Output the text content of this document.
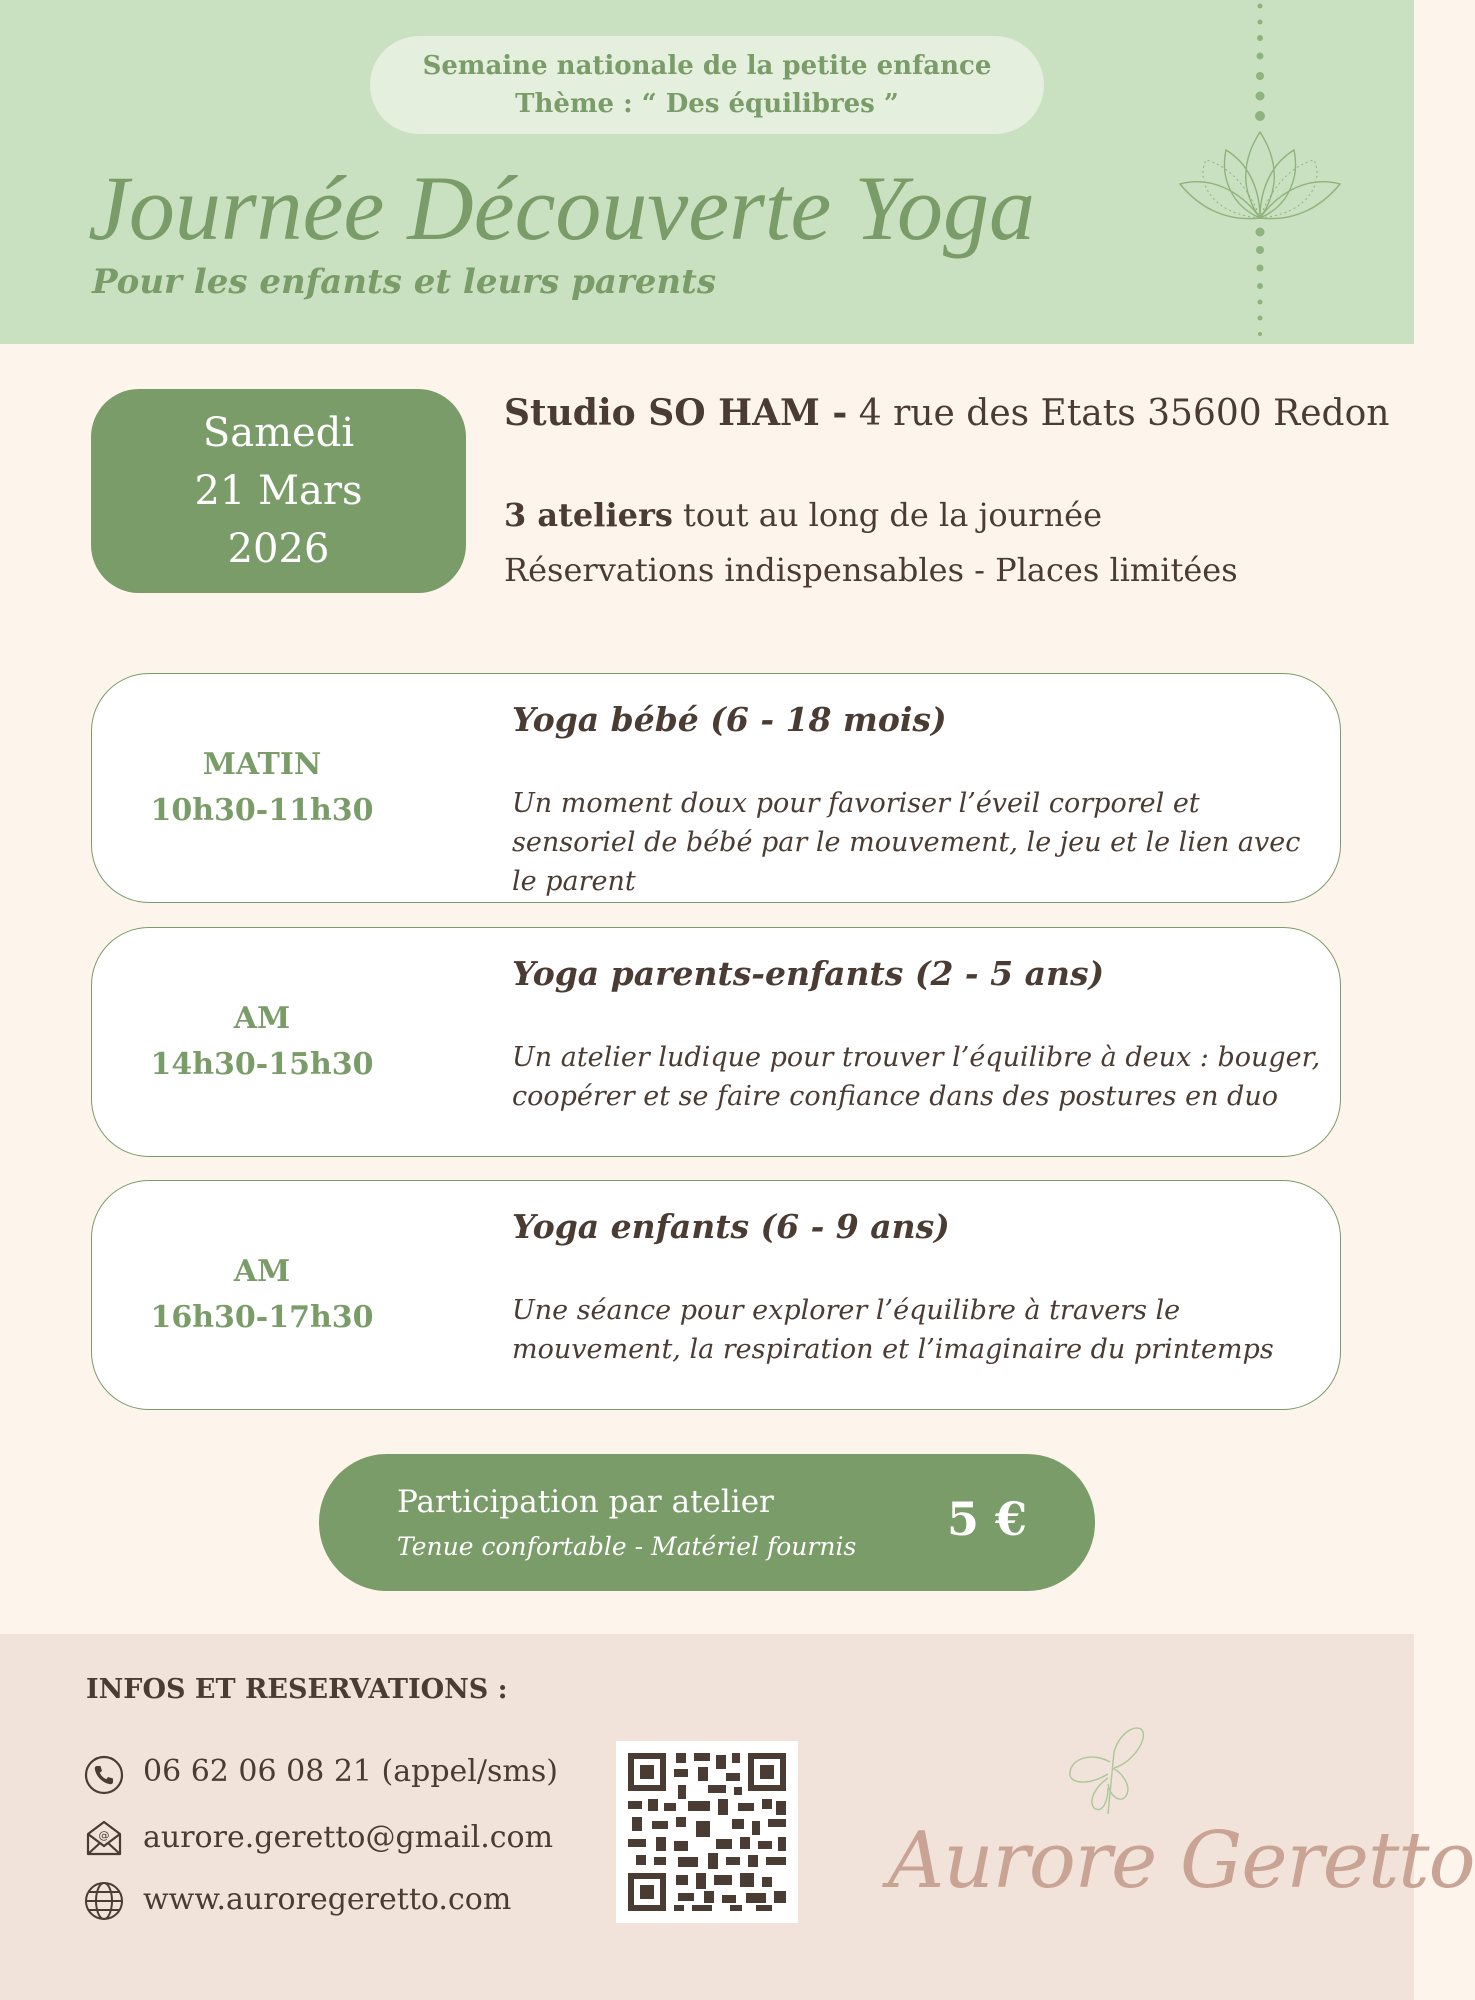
Semaine nationale de la petite enfance
Thème : “ Des équilibres ”
Journée Découverte Yoga
Pour les enfants et leurs parents
Samedi
21 Mars
2026
Studio SO HAM - 4 rue des Etats 35600 Redon
3 ateliers tout au long de la journée
Réservations indispensables - Places limitées
MATIN
10h30-11h30
Yoga bébé (6 - 18 mois)
Un moment doux pour favoriser l’éveil corporel et sensoriel de bébé par le mouvement, le jeu et le lien avec le parent
AM
14h30-15h30
Yoga parents-enfants (2 - 5 ans)
Un atelier ludique pour trouver l’équilibre à deux : bouger, coopérer et se faire confiance dans des postures en duo
AM
16h30-17h30
Yoga enfants (6 - 9 ans)
Une séance pour explorer l’équilibre à travers le mouvement, la respiration et l’imaginaire du printemps
Participation par atelier
Tenue confortable - Matériel fournis
5 €
INFOS ET RESERVATIONS :
06 62 06 08 21 (appel/sms)
@ aurore.geretto@gmail.com
www.auroregeretto.com	Aurore Geretto
